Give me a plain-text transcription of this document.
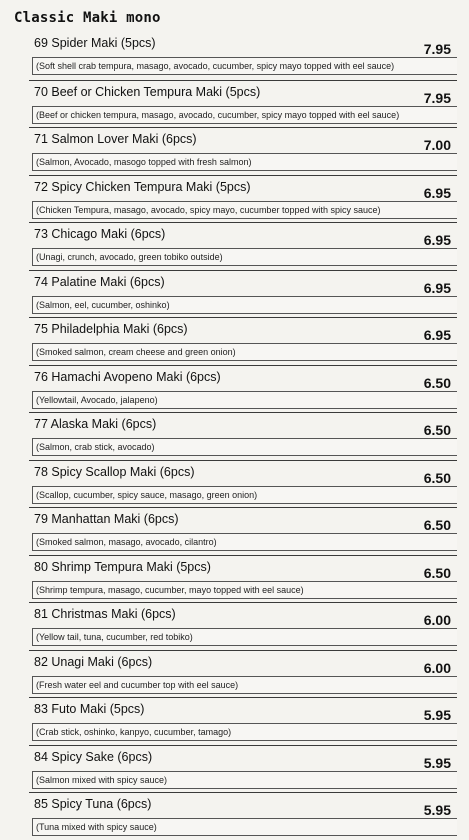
Classic Maki mono
69 Spider Maki (5pcs)	7.95
(Soft shell crab tempura, masago, avocado, cucumber, spicy mayo topped with eel sauce)
70 Beef or Chicken Tempura Maki (5pcs)	7.95
(Beef or chicken tempura, masago, avocado, cucumber, spicy mayo topped with eel sauce)
71 Salmon Lover Maki (6pcs)	7.00
(Salmon, Avocado, masogo topped with fresh salmon)
72 Spicy Chicken Tempura Maki (5pcs)	6.95
(Chicken Tempura, masago, avocado, spicy mayo, cucumber topped with spicy sauce)
73 Chicago Maki (6pcs)	6.95
(Unagi, crunch, avocado, green tobiko outside)
74 Palatine Maki (6pcs)	6.95
(Salmon, eel, cucumber, oshinko)
75 Philadelphia Maki (6pcs)	6.95
(Smoked salmon, cream cheese and green onion)
76 Hamachi Avopeno Maki (6pcs)	6.50
(Yellowtail, Avocado, jalapeno)
77 Alaska Maki (6pcs)	6.50
(Salmon, crab stick, avocado)
78 Spicy Scallop Maki (6pcs)	6.50
(Scallop, cucumber, spicy sauce, masago, green onion)
79 Manhattan Maki (6pcs)	6.50
(Smoked salmon, masago, avocado, cilantro)
80 Shrimp Tempura Maki (5pcs)	6.50
(Shrimp tempura, masago, cucumber, mayo topped with eel sauce)
81 Christmas Maki (6pcs)	6.00
(Yellow tail, tuna, cucumber, red tobiko)
82 Unagi Maki (6pcs)	6.00
(Fresh water eel and cucumber top with eel sauce)
83 Futo Maki (5pcs)	5.95
(Crab stick, oshinko, kanpyo, cucumber, tamago)
84 Spicy Sake (6pcs)	5.95
(Salmon mixed with spicy sauce)
85 Spicy Tuna (6pcs)	5.95
(Tuna mixed with spicy sauce)
